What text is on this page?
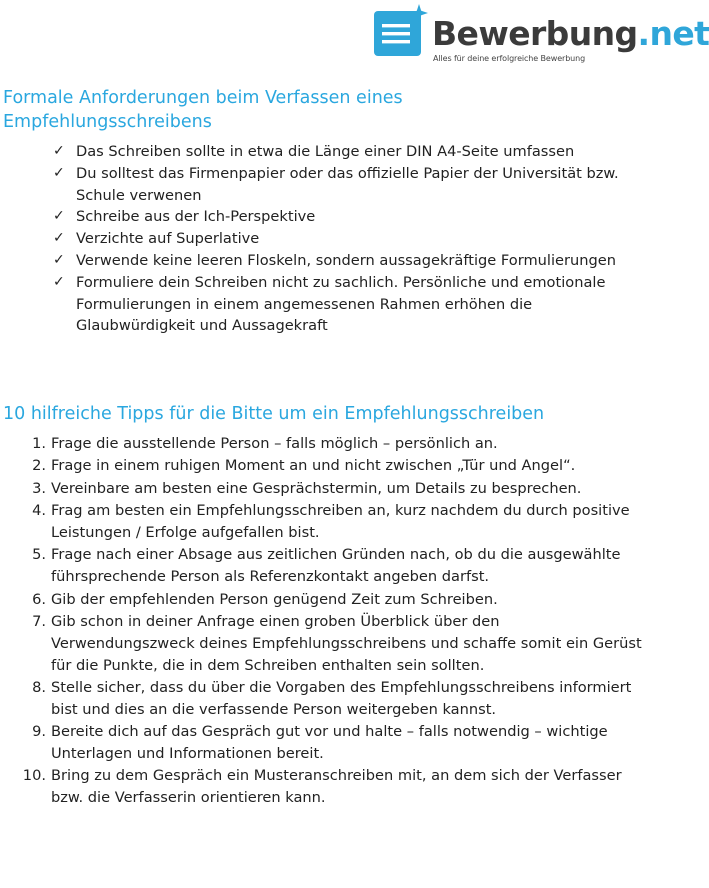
Bewerbung.net
Alles für deine erfolgreiche Bewerbung
Formale Anforderungen beim Verfassen eines Empfehlungsschreibens
✓ Das Schreiben sollte in etwa die Länge einer DIN A4-Seite umfassen
✓ Du solltest das Firmenpapier oder das offizielle Papier der Universität bzw. Schule verwenen
✓ Schreibe aus der Ich-Perspektive
✓ Verzichte auf Superlative
✓ Verwende keine leeren Floskeln, sondern aussagekräftige Formulierungen
✓ Formuliere dein Schreiben nicht zu sachlich. Persönliche und emotionale Formulierungen in einem angemessenen Rahmen erhöhen die Glaubwürdigkeit und Aussagekraft
10 hilfreiche Tipps für die Bitte um ein Empfehlungsschreiben
1. Frage die ausstellende Person – falls möglich – persönlich an.
2. Frage in einem ruhigen Moment an und nicht zwischen „Tür und Angel“.
3. Vereinbare am besten eine Gesprächstermin, um Details zu besprechen.
4. Frag am besten ein Empfehlungsschreiben an, kurz nachdem du durch positive Leistungen / Erfolge aufgefallen bist.
5. Frage nach einer Absage aus zeitlichen Gründen nach, ob du die ausgewählte führsprechende Person als Referenzkontakt angeben darfst.
6. Gib der empfehlenden Person genügend Zeit zum Schreiben.
7. Gib schon in deiner Anfrage einen groben Überblick über den Verwendungszweck deines Empfehlungsschreibens und schaffe somit ein Gerüst für die Punkte, die in dem Schreiben enthalten sein sollten.
8. Stelle sicher, dass du über die Vorgaben des Empfehlungsschreibens informiert bist und dies an die verfassende Person weitergeben kannst.
9. Bereite dich auf das Gespräch gut vor und halte – falls notwendig – wichtige Unterlagen und Informationen bereit.
10. Bring zu dem Gespräch ein Musteranschreiben mit, an dem sich der Verfasser bzw. die Verfasserin orientieren kann.
